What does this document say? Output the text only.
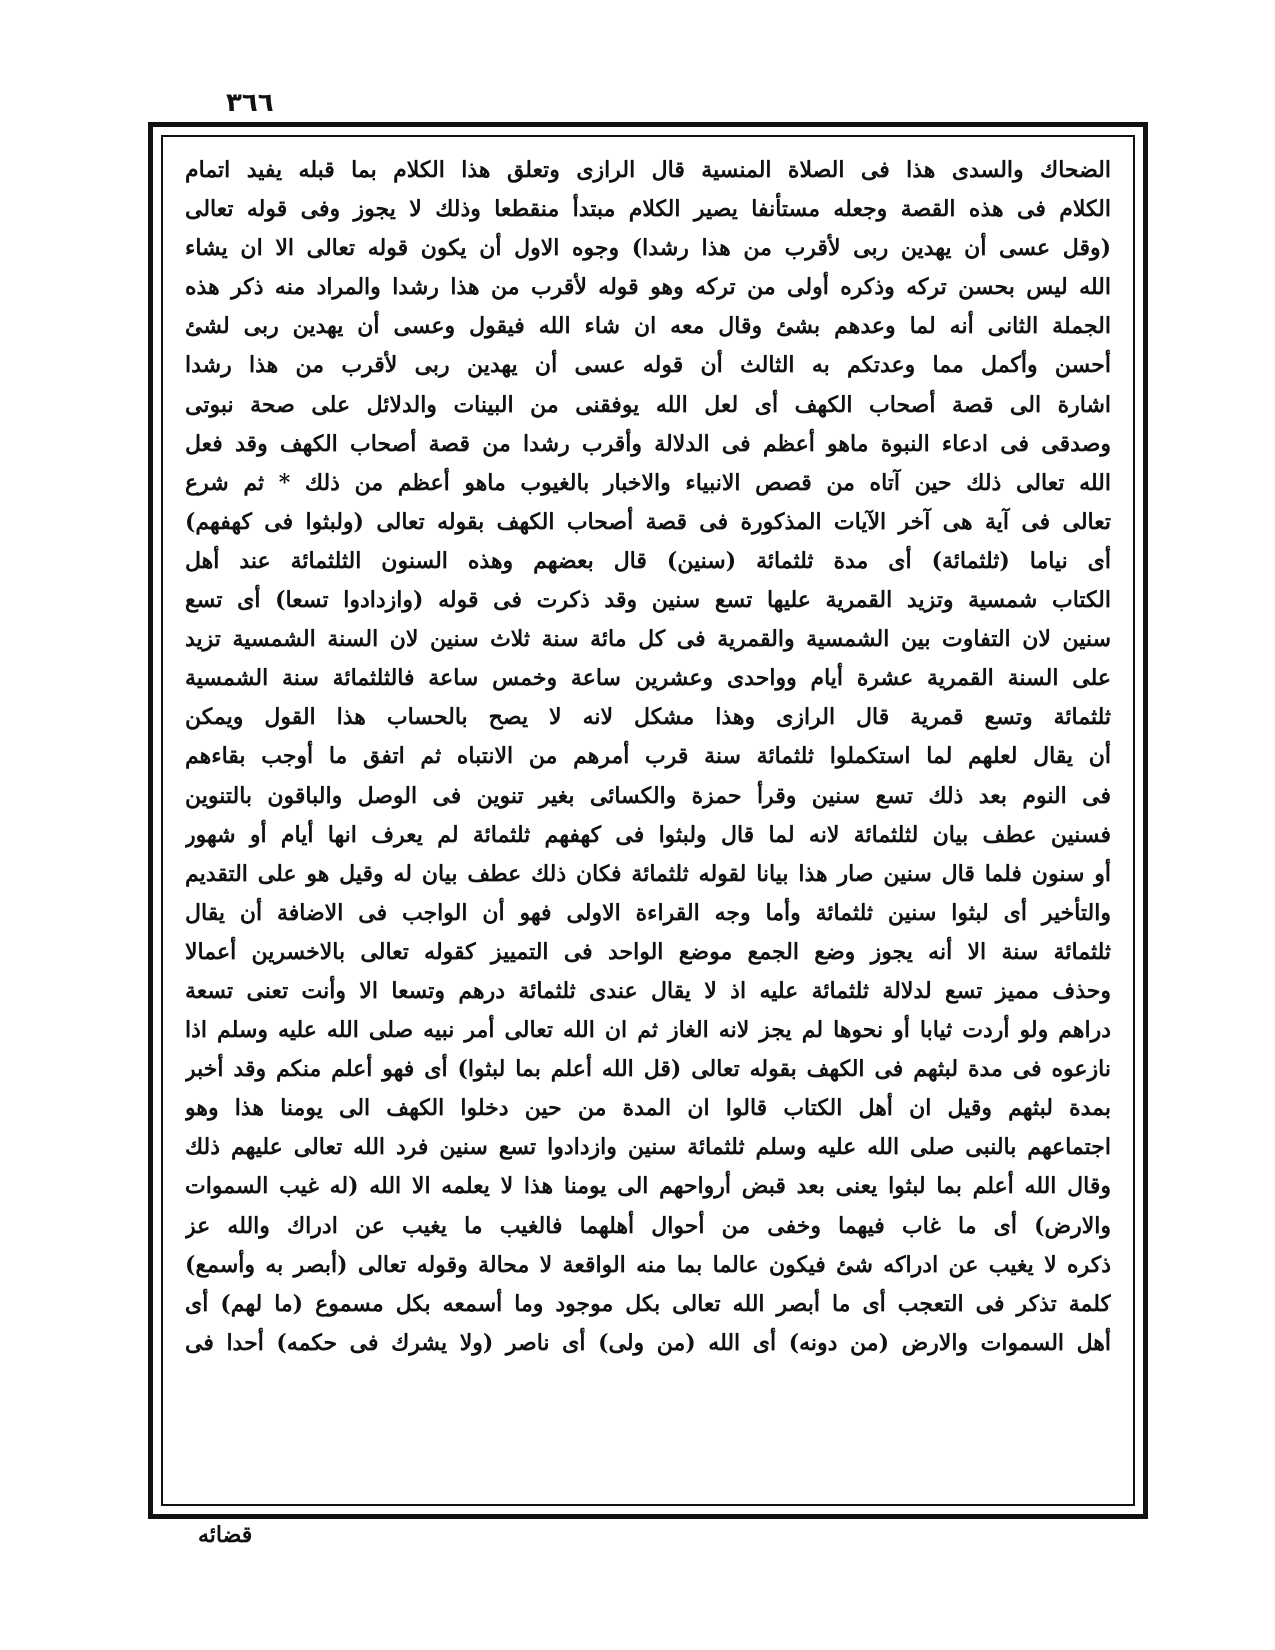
٣٦٦
الضحاك والسدى هذا فى الصلاة المنسية قال الرازى وتعلق هذا الكلام بما قبله يفيد اتمام
الكلام فى هذه القصة وجعله مستأنفا يصير الكلام مبتدأ منقطعا وذلك لا يجوز وفى قوله تعالى
(وقل عسى أن يهدين ربى لأقرب من هذا رشدا) وجوه الاول أن يكون قوله تعالى الا ان يشاء
الله ليس بحسن تركه وذكره أولى من تركه وهو قوله لأقرب من هذا رشدا والمراد منه ذكر هذه
الجملة الثانى أنه لما وعدهم بشئ وقال معه ان شاء الله فيقول وعسى أن يهدين ربى لشئ
أحسن وأكمل مما وعدتكم به الثالث أن قوله عسى أن يهدين ربى لأقرب من هذا رشدا
اشارة الى قصة أصحاب الكهف أى لعل الله يوفقنى من البينات والدلائل على صحة نبوتى
وصدقى فى ادعاء النبوة ماهو أعظم فى الدلالة وأقرب رشدا من قصة أصحاب الكهف وقد فعل
الله تعالى ذلك حين آتاه من قصص الانبياء والاخبار بالغيوب ماهو أعظم من ذلك * ثم شرع
تعالى فى آية هى آخر الآيات المذكورة فى قصة أصحاب الكهف بقوله تعالى (ولبثوا فى كهفهم)
أى نياما (ثلثمائة) أى مدة ثلثمائة (سنين) قال بعضهم وهذه السنون الثلثمائة عند أهل
الكتاب شمسية وتزيد القمرية عليها تسع سنين وقد ذكرت فى قوله (وازدادوا تسعا) أى تسع
سنين لان التفاوت بين الشمسية والقمرية فى كل مائة سنة ثلاث سنين لان السنة الشمسية تزيد
على السنة القمرية عشرة أيام وواحدى وعشرين ساعة وخمس ساعة فالثلثمائة سنة الشمسية
ثلثمائة وتسع قمرية قال الرازى وهذا مشكل لانه لا يصح بالحساب هذا القول ويمكن
أن يقال لعلهم لما استكملوا ثلثمائة سنة قرب أمرهم من الانتباه ثم اتفق ما أوجب بقاءهم
فى النوم بعد ذلك تسع سنين وقرأ حمزة والكسائى بغير تنوين فى الوصل والباقون بالتنوين
فسنين عطف بيان لثلثمائة لانه لما قال ولبثوا فى كهفهم ثلثمائة لم يعرف انها أيام أو شهور
أو سنون فلما قال سنين صار هذا بيانا لقوله ثلثمائة فكان ذلك عطف بيان له وقيل هو على التقديم
والتأخير أى لبثوا سنين ثلثمائة وأما وجه القراءة الاولى فهو أن الواجب فى الاضافة أن يقال
ثلثمائة سنة الا أنه يجوز وضع الجمع موضع الواحد فى التمييز كقوله تعالى بالاخسرين أعمالا
وحذف مميز تسع لدلالة ثلثمائة عليه اذ لا يقال عندى ثلثمائة درهم وتسعا الا وأنت تعنى تسعة
دراهم ولو أردت ثيابا أو نحوها لم يجز لانه الغاز ثم ان الله تعالى أمر نبيه صلى الله عليه وسلم اذا
نازعوه فى مدة لبثهم فى الكهف بقوله تعالى (قل الله أعلم بما لبثوا) أى فهو أعلم منكم وقد أخبر
بمدة لبثهم وقيل ان أهل الكتاب قالوا ان المدة من حين دخلوا الكهف الى يومنا هذا وهو
اجتماعهم بالنبى صلى الله عليه وسلم ثلثمائة سنين وازدادوا تسع سنين فرد الله تعالى عليهم ذلك
وقال الله أعلم بما لبثوا يعنى بعد قبض أرواحهم الى يومنا هذا لا يعلمه الا الله (له غيب السموات
والارض) أى ما غاب فيهما وخفى من أحوال أهلهما فالغيب ما يغيب عن ادراك والله عز
ذكره لا يغيب عن ادراكه شئ فيكون عالما بما منه الواقعة لا محالة وقوله تعالى (أبصر به وأسمع)
كلمة تذكر فى التعجب أى ما أبصر الله تعالى بكل موجود وما أسمعه بكل مسموع (ما لهم) أى
أهل السموات والارض (من دونه) أى الله (من ولى) أى ناصر (ولا يشرك فى حكمه) أحدا فى
قضائه
